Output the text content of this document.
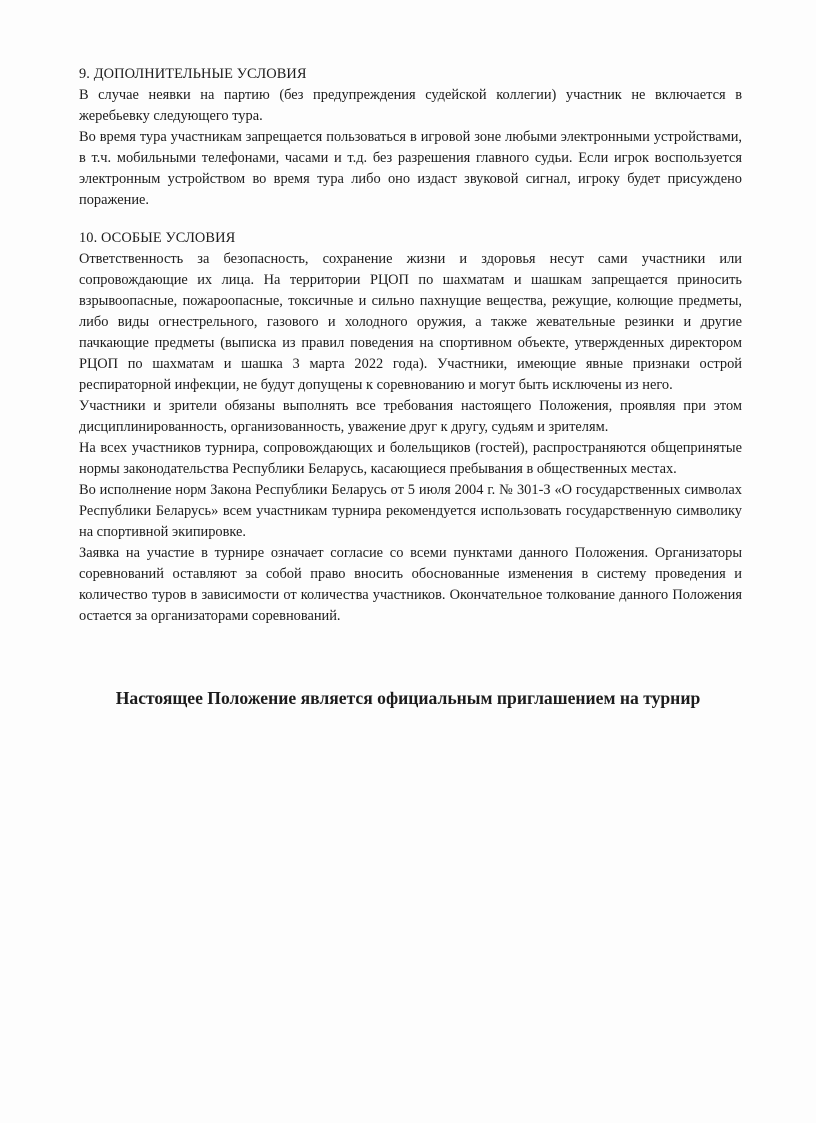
9. ДОПОЛНИТЕЛЬНЫЕ УСЛОВИЯ

В случае неявки на партию (без предупреждения судейской коллегии) участник не включается в жеребьевку следующего тура.

Во время тура участникам запрещается пользоваться в игровой зоне любыми электронными устройствами, в т.ч. мобильными телефонами, часами и т.д. без разрешения главного судьи. Если игрок воспользуется электронным устройством во время тура либо оно издаст звуковой сигнал, игроку будет присуждено поражение.

10. ОСОБЫЕ УСЛОВИЯ

Ответственность за безопасность, сохранение жизни и здоровья несут сами участники или сопровождающие их лица. На территории РЦОП по шахматам и шашкам запрещается приносить взрывоопасные, пожароопасные, токсичные и сильно пахнущие вещества, режущие, колющие предметы, либо виды огнестрельного, газового и холодного оружия, а также жевательные резинки и другие пачкающие предметы (выписка из правил поведения на спортивном объекте, утвержденных директором РЦОП по шахматам и шашка 3 марта 2022 года). Участники, имеющие явные признаки острой респираторной инфекции, не будут допущены к соревнованию и могут быть исключены из него.

Участники и зрители обязаны выполнять все требования настоящего Положения, проявляя при этом дисциплинированность, организованность, уважение друг к другу, судьям и зрителям.

На всех участников турнира, сопровождающих и болельщиков (гостей), распространяются общепринятые нормы законодательства Республики Беларусь, касающиеся пребывания в общественных местах.

Во исполнение норм Закона Республики Беларусь от 5 июля 2004 г. № 301-З «О государственных символах Республики Беларусь» всем участникам турнира рекомендуется использовать государственную символику на спортивной экипировке.

Заявка на участие в турнире означает согласие со всеми пунктами данного Положения. Организаторы соревнований оставляют за собой право вносить обоснованные изменения в систему проведения и количество туров в зависимости от количества участников. Окончательное толкование данного Положения остается за организаторами соревнований.

Настоящее Положение является официальным приглашением на турнир
